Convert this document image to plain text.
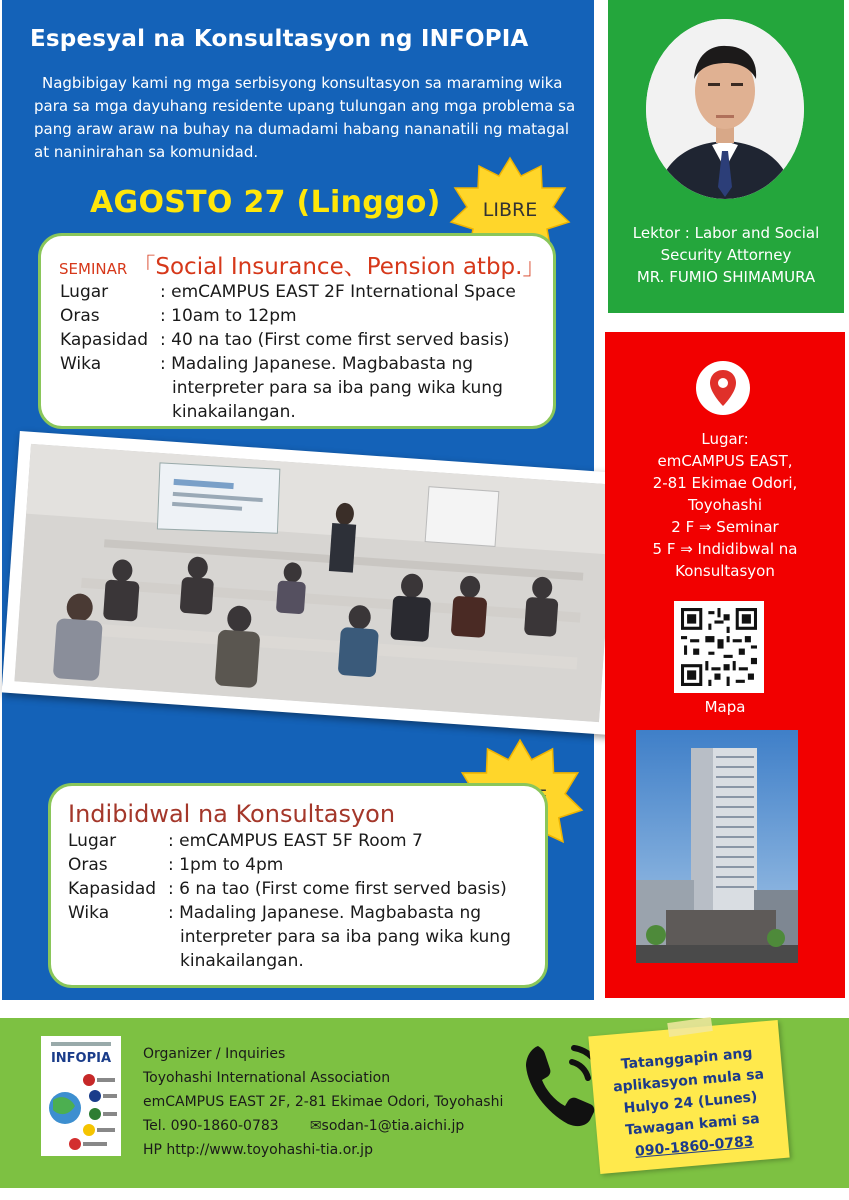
Espesyal na Konsultasyon ng INFOPIA

Nagbibigay kami ng mga serbisyong konsultasyon sa maraming wika para sa mga dayuhang residente upang tulungan ang mga problema sa pang araw araw na buhay na dumadami habang nananatili ng matagal at naninirahan sa komunidad.

AGOSTO 27 (Linggo) LIBRE
SEMINAR 「Social Insurance、Pension atbp.」
Lugar	: emCAMPUS EAST 2F International Space
Oras	: 10am to 12pm
Kapasidad : 40 na tao (First come first served basis)
Wika	: Madaling Japanese. Magbabasta ng
interpreter para sa iba pang wika kung
kinakailangan.
Indibidwal na Konsultasyon
Lugar	: emCAMPUS EAST 5F Room 7
Oras	: 1pm to 4pm
Kapasidad : 6 na tao (First come first served basis)
Wika	: Madaling Japanese. Magbabasta ng
interpreter para sa iba pang wika kung
kinakailangan.
Lektor : Labor and Social
Security Attorney
MR. FUMIO SHIMAMURA
Lugar:
emCAMPUS EAST,
2-81 Ekimae Odori,
Toyohashi
2 F ⇒ Seminar
5 F ⇒ Indidibwal na
Konsultasyon
Mapa
INFOPIA Organizer / Inquiries
Toyohashi International Association
emCAMPUS EAST 2F, 2-81 Ekimae Odori, Toyohashi
Tel. 090-1860-0783 ✉sodan-1@tia.aichi.jp
HP http://www.toyohashi-tia.or.jp
Tatanggapin ang
aplikasyon mula sa
Hulyo 24 (Lunes)
Tawagan kami sa
090-1860-0783
